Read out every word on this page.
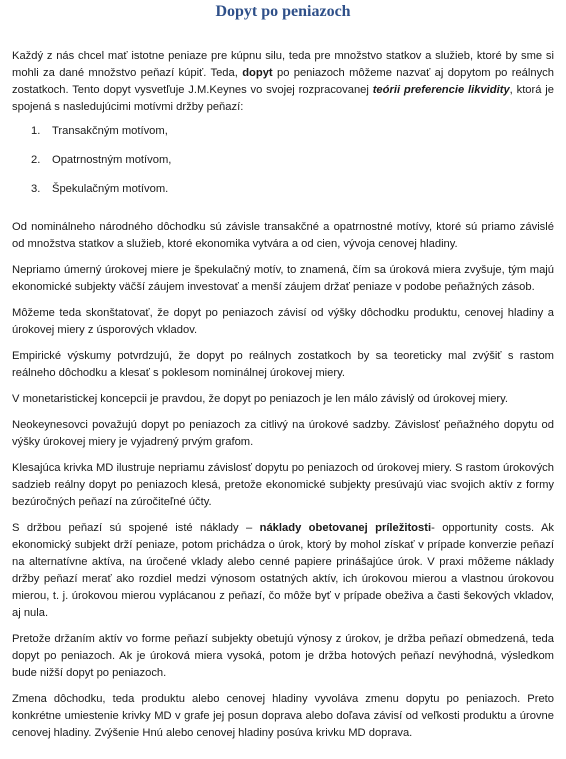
Dopyt po peniazoch

Každý z nás chcel mať istotne peniaze pre kúpnu silu, teda pre množstvo statkov a služieb, ktoré by sme si mohli za dané množstvo peňazí kúpiť. Teda, dopyt po peniazoch môžeme nazvať aj dopytom po reálnych zostatkoch. Tento dopyt vysvetľuje J.M.Keynes vo svojej rozpracovanej teórii preferencie likvidity, ktorá je spojená s nasledujúcimi motívmi držby peňazí:

1.	Transakčným motívom,
2.	Opatrnostným motívom,
3.	Špekulačným motívom.

Od nominálneho národného dôchodku sú závisle transakčné a opatrnostné motívy, ktoré sú priamo závislé od množstva statkov a služieb, ktoré ekonomika vytvára a od cien, vývoja cenovej hladiny.

Nepriamo úmerný úrokovej miere je špekulačný motív, to znamená, čím sa úroková miera zvyšuje, tým majú ekonomické subjekty väčší záujem investovať a menší záujem držať peniaze v podobe peňažných zásob.

Môžeme teda skonštatovať, že dopyt po peniazoch závisí od výšky dôchodku produktu, cenovej hladiny a úrokovej miery z úsporových vkladov.

Empirické výskumy potvrdzujú, že dopyt po reálnych zostatkoch by sa teoreticky mal zvýšiť s rastom reálneho dôchodku a klesať s poklesom nominálnej úrokovej miery.

V monetaristickej koncepcii je pravdou, že dopyt po peniazoch je len málo závislý od úrokovej miery.

Neokeynesovci považujú dopyt po peniazoch za citlivý na úrokové sadzby. Závislosť peňažného dopytu od výšky úrokovej miery je vyjadrený prvým grafom.

Klesajúca krivka MD ilustruje nepriamu závislosť dopytu po peniazoch od úrokovej miery. S rastom úrokových sadzieb reálny dopyt po peniazoch klesá, pretože ekonomické subjekty presúvajú viac svojich aktív z formy bezúročných peňazí na zúročiteľné účty.

S držbou peňazí sú spojené isté náklady – náklady obetovanej príležitosti- opportunity costs. Ak ekonomický subjekt drží peniaze, potom prichádza o úrok, ktorý by mohol získať v prípade konverzie peňazí na alternatívne aktíva, na úročené vklady alebo cenné papiere prinášajúce úrok. V praxi môžeme náklady držby peňazí merať ako rozdiel medzi výnosom ostatných aktív, ich úrokovou mierou a vlastnou úrokovou mierou, t. j. úrokovou mierou vyplácanou z peňazí, čo môže byť v prípade obeživa a časti šekových vkladov, aj nula.

Pretože držaním aktív vo forme peňazí subjekty obetujú výnosy z úrokov, je držba peňazí obmedzená, teda dopyt po peniazoch. Ak je úroková miera vysoká, potom je držba hotových peňazí nevýhodná, výsledkom bude nižší dopyt po peniazoch.

Zmena dôchodku, teda produktu alebo cenovej hladiny vyvoláva zmenu dopytu po peniazoch. Preto konkrétne umiestenie krivky MD v grafe jej posun doprava alebo doľava závisí od veľkosti produktu a úrovne cenovej hladiny. Zvýšenie Hnú alebo cenovej hladiny posúva krivku MD doprava.
